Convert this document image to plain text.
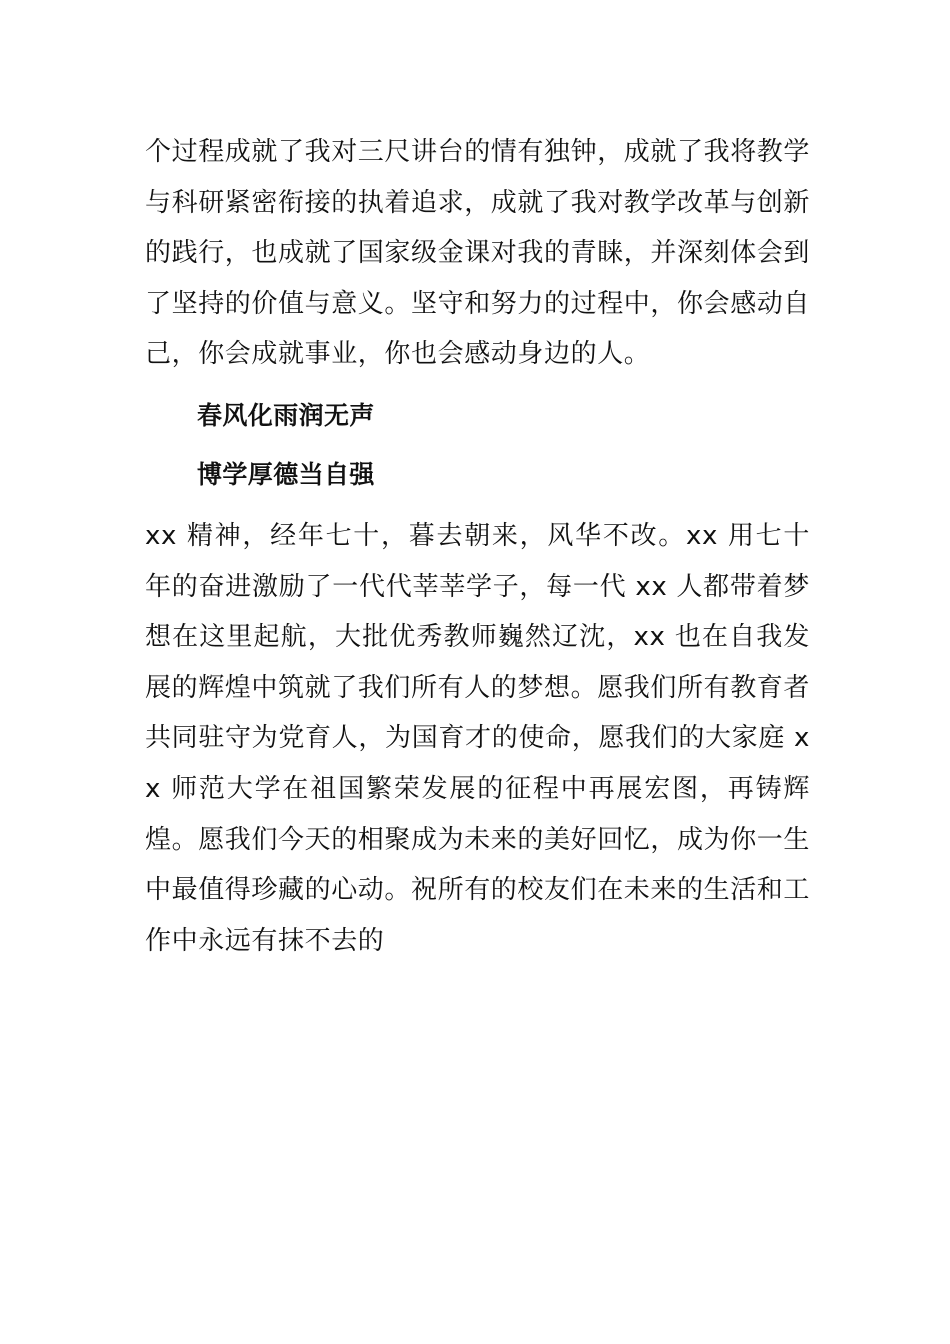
个过程成就了我对三尺讲台的情有独钟，成就了我将教学与科研紧密衔接的执着追求，成就了我对教学改革与创新的践行，也成就了国家级金课对我的青睐，并深刻体会到了坚持的价值与意义。坚守和努力的过程中，你会感动自己，你会成就事业，你也会感动身边的人。

春风化雨润无声

博学厚德当自强

xx 精神，经年七十，暮去朝来，风华不改。xx 用七十年的奋进激励了一代代莘莘学子，每一代 xx 人都带着梦想在这里起航，大批优秀教师巍然辽沈，xx 也在自我发展的辉煌中筑就了我们所有人的梦想。愿我们所有教育者共同驻守为党育人，为国育才的使命，愿我们的大家庭 xx 师范大学在祖国繁荣发展的征程中再展宏图，再铸辉煌。愿我们今天的相聚成为未来的美好回忆，成为你一生中最值得珍藏的心动。祝所有的校友们在未来的生活和工作中永远有抹不去的
